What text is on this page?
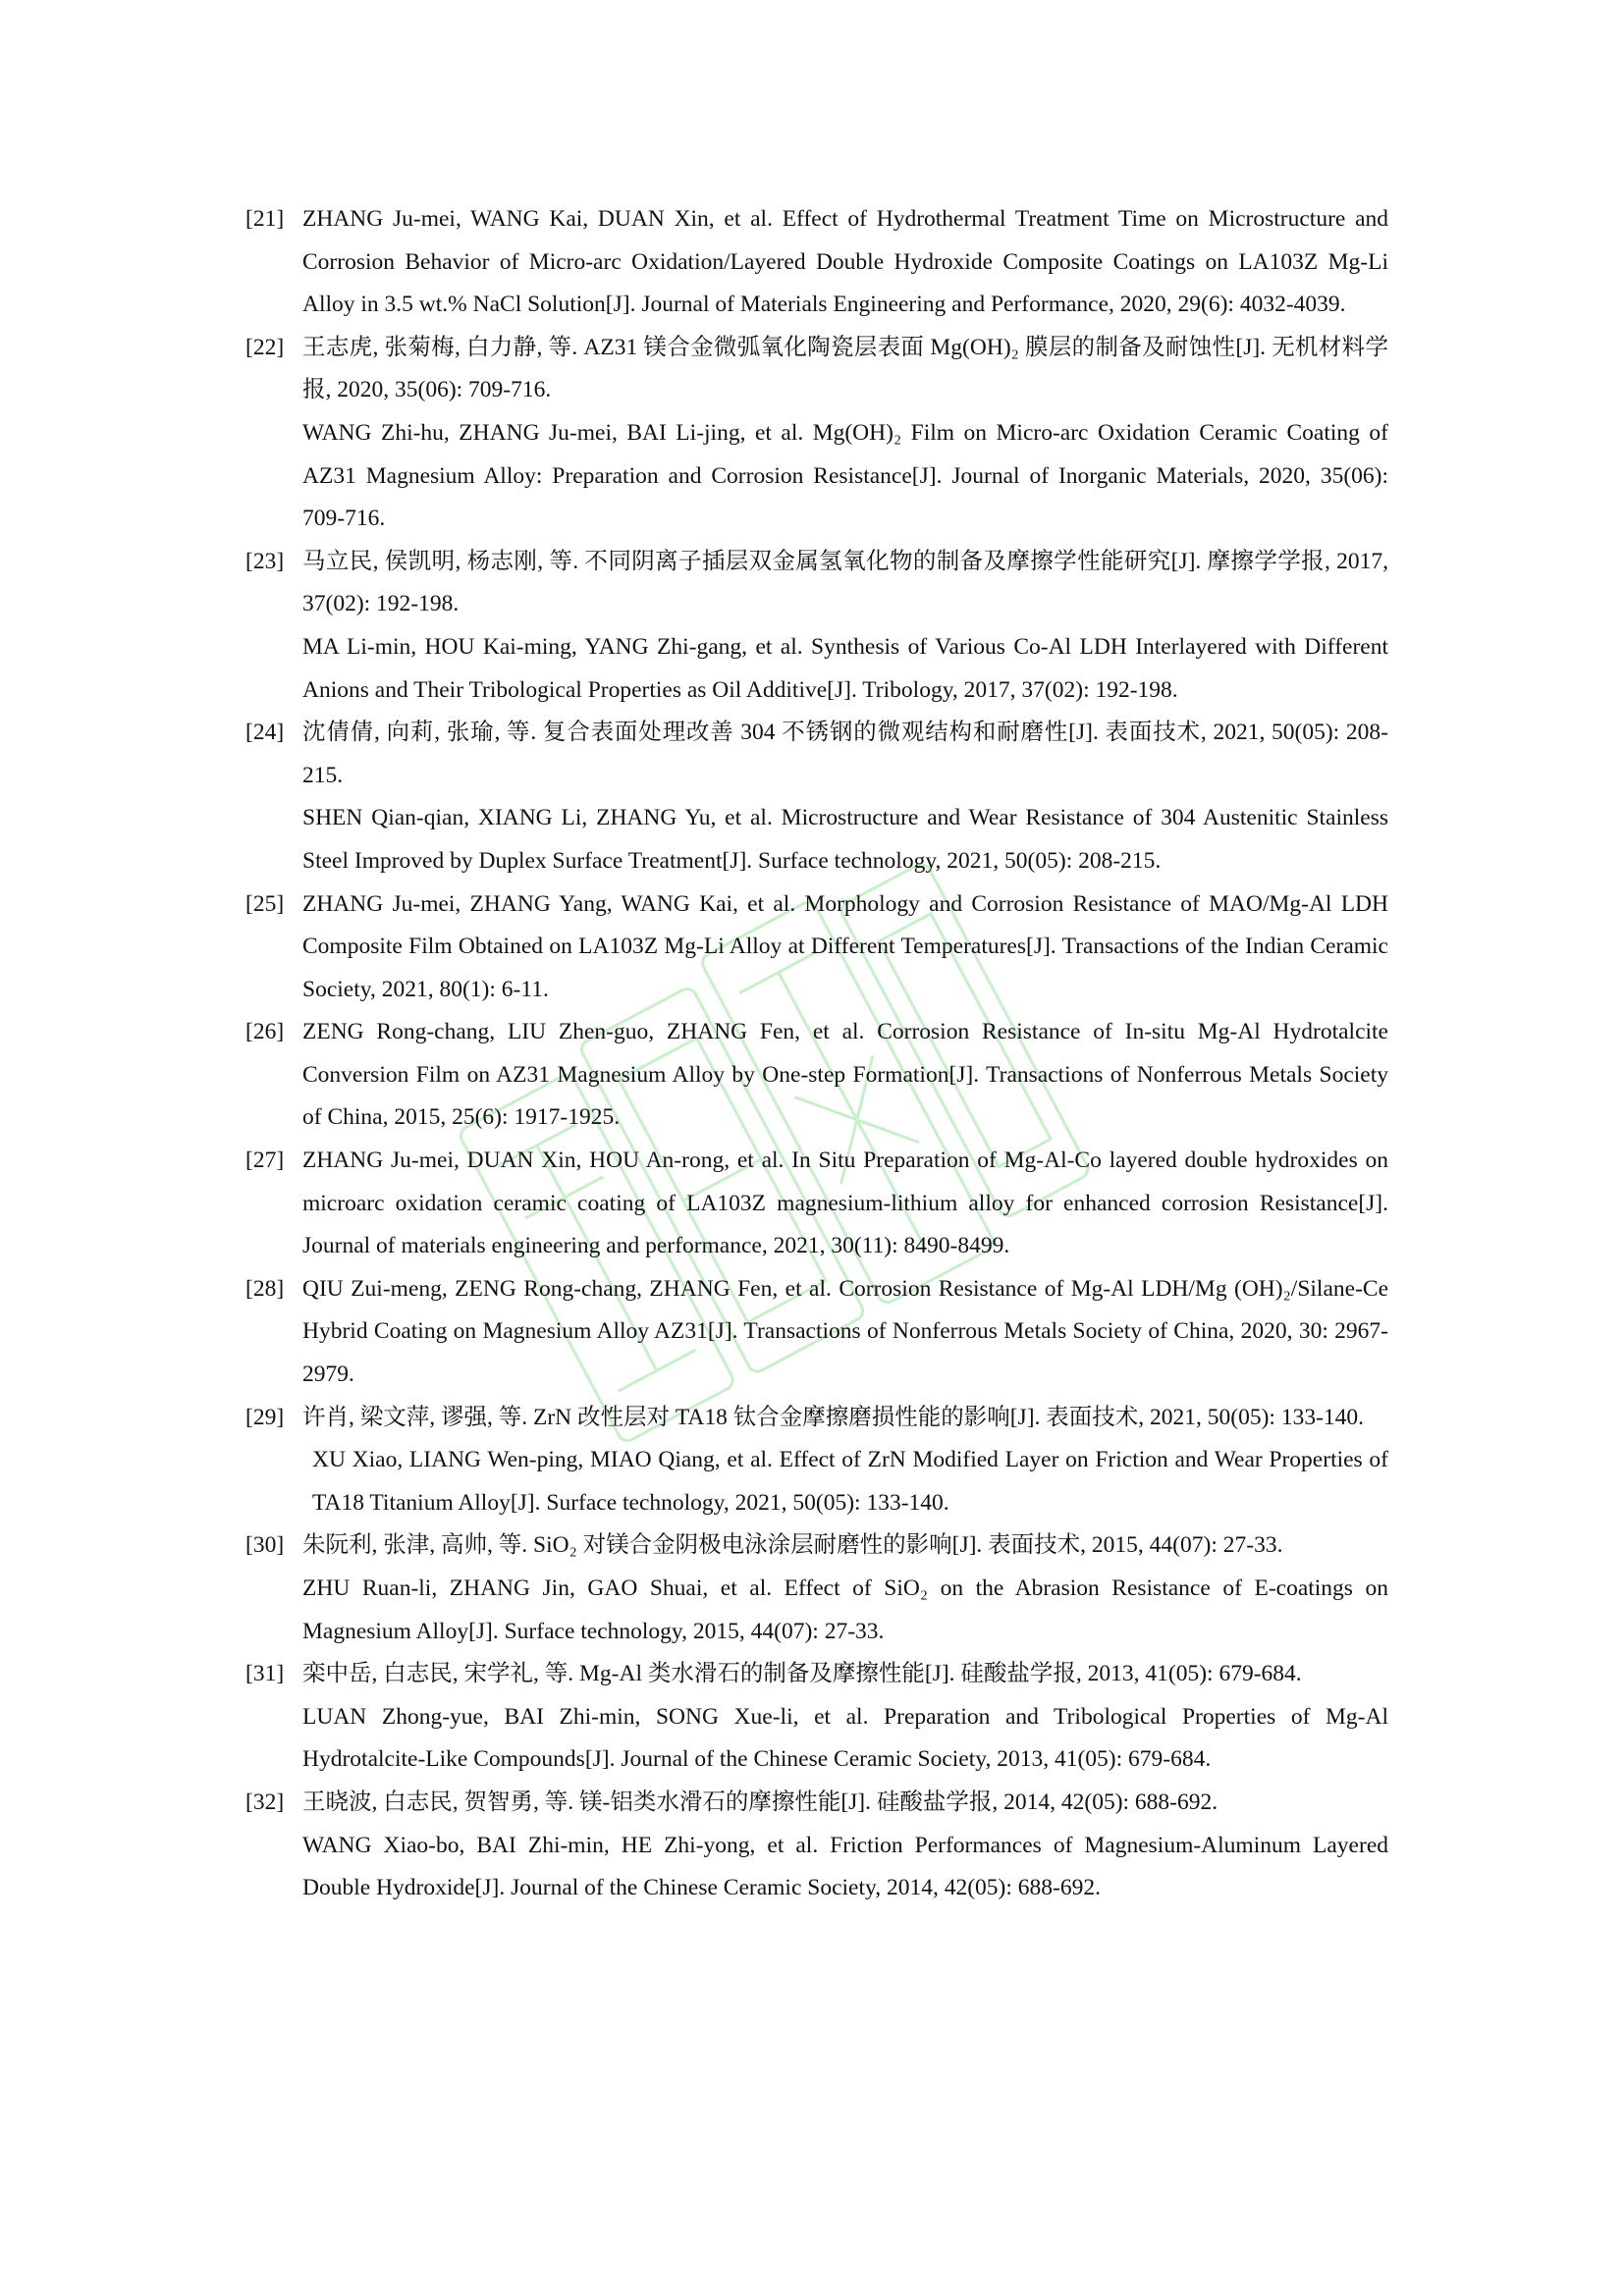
[21] ZHANG Ju-mei, WANG Kai, DUAN Xin, et al. Effect of Hydrothermal Treatment Time on Microstructure and Corrosion Behavior of Micro-arc Oxidation/Layered Double Hydroxide Composite Coatings on LA103Z Mg-Li Alloy in 3.5 wt.% NaCl Solution[J]. Journal of Materials Engineering and Performance, 2020, 29(6): 4032-4039.
[22] 王志虎, 张菊梅, 白力静, 等. AZ31 镁合金微弧氧化陶瓷层表面 Mg(OH)₂ 膜层的制备及耐蚀性[J]. 无机材料学报, 2020, 35(06): 709-716.
WANG Zhi-hu, ZHANG Ju-mei, BAI Li-jing, et al. Mg(OH)₂ Film on Micro-arc Oxidation Ceramic Coating of AZ31 Magnesium Alloy: Preparation and Corrosion Resistance[J]. Journal of Inorganic Materials, 2020, 35(06): 709-716.
[23] 马立民, 侯凯明, 杨志刚, 等. 不同阴离子插层双金属氢氧化物的制备及摩擦学性能研究[J]. 摩擦学学报, 2017, 37(02): 192-198.
MA Li-min, HOU Kai-ming, YANG Zhi-gang, et al. Synthesis of Various Co-Al LDH Interlayered with Different Anions and Their Tribological Properties as Oil Additive[J]. Tribology, 2017, 37(02): 192-198.
[24] 沈倩倩, 向莉, 张瑜, 等. 复合表面处理改善 304 不锈钢的微观结构和耐磨性[J]. 表面技术, 2021, 50(05): 208-215.
SHEN Qian-qian, XIANG Li, ZHANG Yu, et al. Microstructure and Wear Resistance of 304 Austenitic Stainless Steel Improved by Duplex Surface Treatment[J]. Surface technology, 2021, 50(05): 208-215.
[25] ZHANG Ju-mei, ZHANG Yang, WANG Kai, et al. Morphology and Corrosion Resistance of MAO/Mg-Al LDH Composite Film Obtained on LA103Z Mg-Li Alloy at Different Temperatures[J]. Transactions of the Indian Ceramic Society, 2021, 80(1): 6-11.
[26] ZENG Rong-chang, LIU Zhen-guo, ZHANG Fen, et al. Corrosion Resistance of In-situ Mg-Al Hydrotalcite Conversion Film on AZ31 Magnesium Alloy by One-step Formation[J]. Transactions of Nonferrous Metals Society of China, 2015, 25(6): 1917-1925.
[27] ZHANG Ju-mei, DUAN Xin, HOU An-rong, et al. In Situ Preparation of Mg-Al-Co layered double hydroxides on microarc oxidation ceramic coating of LA103Z magnesium-lithium alloy for enhanced corrosion Resistance[J]. Journal of materials engineering and performance, 2021, 30(11): 8490-8499.
[28] QIU Zui-meng, ZENG Rong-chang, ZHANG Fen, et al. Corrosion Resistance of Mg-Al LDH/Mg (OH)₂/Silane-Ce Hybrid Coating on Magnesium Alloy AZ31[J]. Transactions of Nonferrous Metals Society of China, 2020, 30: 2967-2979.
[29] 许肖, 梁文萍, 谬强, 等. ZrN 改性层对 TA18 钛合金摩擦磨损性能的影响[J]. 表面技术, 2021, 50(05): 133-140.
XU Xiao, LIANG Wen-ping, MIAO Qiang, et al. Effect of ZrN Modified Layer on Friction and Wear Properties of TA18 Titanium Alloy[J]. Surface technology, 2021, 50(05): 133-140.
[30] 朱阮利, 张津, 高帅, 等. SiO₂ 对镁合金阴极电泳涂层耐磨性的影响[J]. 表面技术, 2015, 44(07): 27-33.
ZHU Ruan-li, ZHANG Jin, GAO Shuai, et al. Effect of SiO₂ on the Abrasion Resistance of E-coatings on Magnesium Alloy[J]. Surface technology, 2015, 44(07): 27-33.
[31] 栾中岳, 白志民, 宋学礼, 等. Mg-Al 类水滑石的制备及摩擦性能[J]. 硅酸盐学报, 2013, 41(05): 679-684.
LUAN Zhong-yue, BAI Zhi-min, SONG Xue-li, et al. Preparation and Tribological Properties of Mg-Al Hydrotalcite-Like Compounds[J]. Journal of the Chinese Ceramic Society, 2013, 41(05): 679-684.
[32] 王晓波, 白志民, 贺智勇, 等. 镁-铝类水滑石的摩擦性能[J]. 硅酸盐学报, 2014, 42(05): 688-692.
WANG Xiao-bo, BAI Zhi-min, HE Zhi-yong, et al. Friction Performances of Magnesium-Aluminum Layered Double Hydroxide[J]. Journal of the Chinese Ceramic Society, 2014, 42(05): 688-692.
